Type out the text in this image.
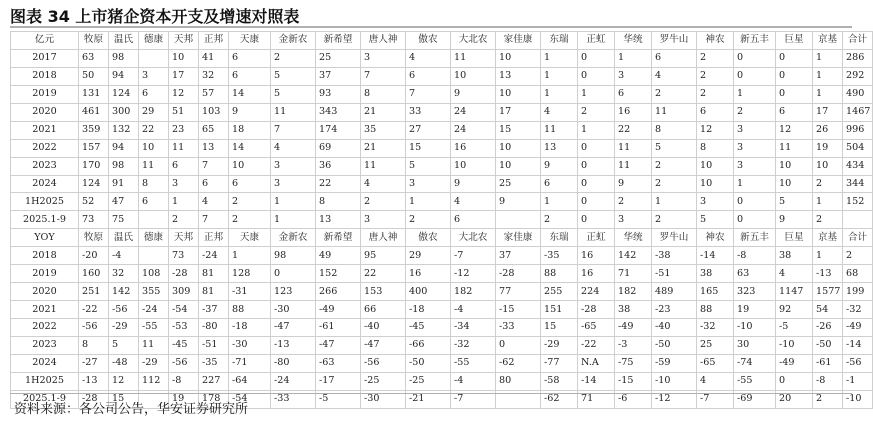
图表 34 上市猪企资本开支及增速对照表
亿元	牧原	温氏	德康	天邦	正邦	天康	金新农	新希望	唐人神	傲农	大北农	家佳康	东瑞	正虹	华统	罗牛山	神农	新五丰	巨星	京基	合计
2017	63	98		10	41	6	2	25	3	4	11	10	1	0	1	6	2	0	0	1	286
2018	50	94	3	17	32	6	5	37	7	6	10	13	1	0	3	4	2	0	0	1	292
2019	131	124	6	12	57	14	5	93	8	7	9	10	1	1	6	2	2	1	0	1	490
2020	461	300	29	51	103	9	11	343	21	33	24	17	4	2	16	11	6	2	6	17	1467
2021	359	132	22	23	65	18	7	174	35	27	24	15	11	1	22	8	12	3	12	26	996
2022	157	94	10	11	13	14	4	69	21	15	16	10	13	0	11	5	8	3	11	19	504
2023	170	98	11	6	7	10	3	36	11	5	10	10	9	0	11	2	10	3	10	10	434
2024	124	91	8	3	6	6	3	22	4	3	9	25	6	0	9	2	10	1	10	2	344
1H2025	52	47	6	1	4	2	1	8	2	1	4	9	1	0	2	1	3	0	5	1	152
2025.1-9	73	75		2	7	2	1	13	3	2	6		2	0	3	2	5	0	9	2	
YOY	牧原	温氏	德康	天邦	正邦	天康	金新农	新希望	唐人神	傲农	大北农	家佳康	东瑞	正虹	华统	罗牛山	神农	新五丰	巨星	京基	合计
2018	-20	-4		73	-24	1	98	49	95	29	-7	37	-35	16	142	-38	-14	-8	38	1	2
2019	160	32	108	-28	81	128	0	152	22	16	-12	-28	88	16	71	-51	38	63	4	-13	68
2020	251	142	355	309	81	-31	123	266	153	400	182	77	255	224	182	489	165	323	1147	1577	199
2021	-22	-56	-24	-54	-37	88	-30	-49	66	-18	-4	-15	151	-28	38	-23	88	19	92	54	-32
2022	-56	-29	-55	-53	-80	-18	-47	-61	-40	-45	-34	-33	15	-65	-49	-40	-32	-10	-5	-26	-49
2023	8	5	11	-45	-51	-30	-13	-47	-47	-66	-32	0	-29	-22	-3	-50	25	30	-10	-50	-14
2024	-27	-48	-29	-56	-35	-71	-80	-63	-56	-50	-55	-62	-77	N.A	-75	-59	-65	-74	-49	-61	-56
1H2025	-13	12	112	-8	227	-64	-24	-17	-25	-25	-4	80	-58	-14	-15	-10	4	-55	0	-8	-1
2025.1-9	-28	15		19	178	-54	-33	-5	-30	-21	-7		-62	71	-6	-12	-7	-69	20	2	-10
资料来源：各公司公告，华安证券研究所
